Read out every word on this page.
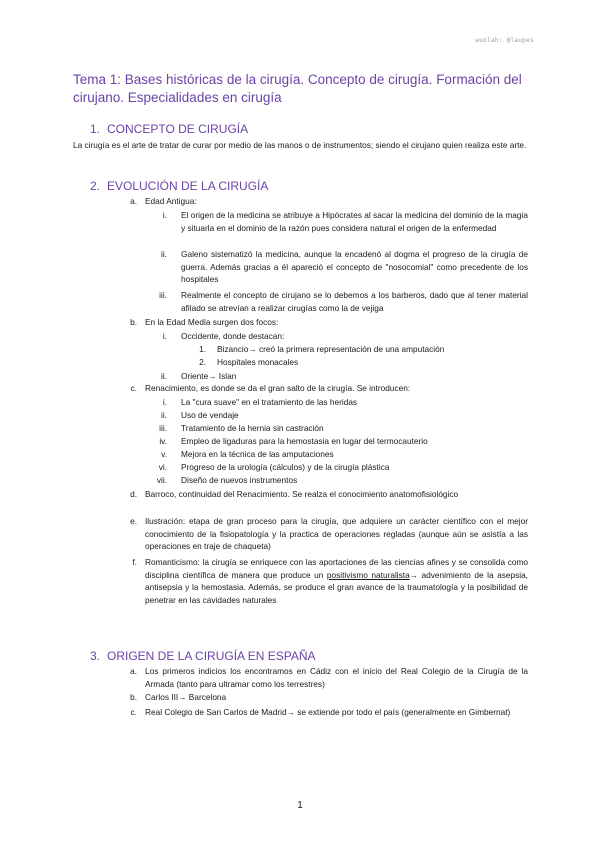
wuolah: @laupes
Tema 1: Bases históricas de la cirugía. Concepto de cirugía. Formación del cirujano. Especialidades en cirugía
1. CONCEPTO DE CIRUGÍA
La cirugía es el arte de tratar de curar por medio de las manos o de instrumentos; siendo el cirujano quien realiza este arte.
2. EVOLUCIÓN DE LA CIRUGÍA
a. Edad Antigua:
i. El origen de la medicina se atribuye a Hipócrates al sacar la medicina del dominio de la magia y situarla en el dominio de la razón pues considera natural el origen de la enfermedad
ii. Galeno sistematizó la medicina, aunque la encadenó al dogma el progreso de la cirugía de guerra. Además gracias a él apareció el concepto de "nosocomial" como precedente de los hospitales
iii. Realmente el concepto de cirujano se lo debemos a los barberos, dado que al tener material afilado se atrevían a realizar cirugías como la de vejiga
b. En la Edad Media surgen dos focos:
i. Occidente, donde destacan:
1. Bizancio→ creó la primera representación de una amputación
2. Hospitales monacales
ii. Oriente→ Islan
c. Renacimiento, es donde se da el gran salto de la cirugía. Se introducen:
i. La "cura suave" en el tratamiento de las heridas
ii. Uso de vendaje
iii. Tratamiento de la hernia sin castración
iv. Empleo de ligaduras para la hemostasia en lugar del termocauterio
v. Mejora en la técnica de las amputaciones
vi. Progreso de la urología (cálculos) y de la cirugía plástica
vii. Diseño de nuevos instrumentos
d. Barroco, continuidad del Renacimiento. Se realza el conocimiento anatomofisiológico
e. Ilustración: etapa de gran proceso para la cirugía, que adquiere un carácter científico con el mejor conocimiento de la fisiopatología y la practica de operaciones regladas (aunque aún se asistía a las operaciones en traje de chaqueta)
f. Romanticismo: la cirugía se enriquece con las aportaciones de las ciencias afines y se consolida como disciplina científica de manera que produce un positivismo naturalista→ advenimiento de la asepsia, antisepsia y la hemostasia. Además, se produce el gran avance de la traumatología y la posibilidad de penetrar en las cavidades naturales
3. ORIGEN DE LA CIRUGÍA EN ESPAÑA
a. Los primeros indicios los encontramos en Cádiz con el inicio del Real Colegio de la Cirugía de la Armada (tanto para ultramar como los terrestres)
b. Carlos III→ Barcelona
c. Real Colegio de San Carlos de Madrid→ se extiende por todo el país (generalmente en Gimbernat)
1
